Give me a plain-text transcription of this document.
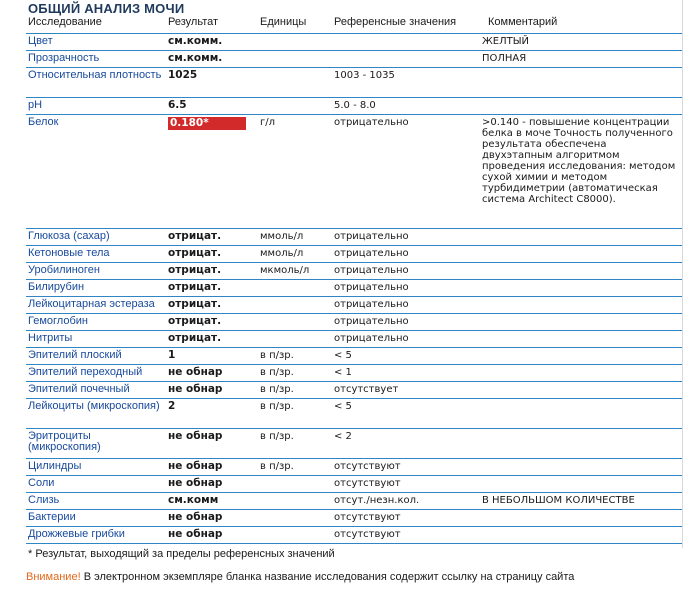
ОБЩИЙ АНАЛИЗ МОЧИ
Исследование	Результат	Единицы	Референсные значения	Комментарий
Цвет	см.комм.			ЖЕЛТЫЙ
Прозрачность	см.комм.			ПОЛНАЯ
Относительная плотность	1025		1003 - 1035	
pH	6.5		5.0 - 8.0	
Белок	0.180*	г/л	отрицательно	>0.140 - повышение концентрации белка в моче Точность полученного результата обеспечена двухэтапным алгоритмом проведения исследования: методом сухой химии и методом турбидиметрии (автоматическая система Architect C8000).
Глюкоза (сахар)	отрицат.	ммоль/л	отрицательно	
Кетоновые тела	отрицат.	ммоль/л	отрицательно	
Уробилиноген	отрицат.	мкмоль/л	отрицательно	
Билирубин	отрицат.		отрицательно	
Лейкоцитарная эстераза	отрицат.		отрицательно	
Гемоглобин	отрицат.		отрицательно	
Нитриты	отрицат.		отрицательно	
Эпителий плоский	1	в п/зр.	< 5	
Эпителий переходный	не обнар	в п/зр.	< 1	
Эпителий почечный	не обнар	в п/зр.	отсутствует	
Лейкоциты (микроскопия)	2	в п/зр.	< 5	
Эритроциты (микроскопия)	не обнар	в п/зр.	< 2	
Цилиндры	не обнар	в п/зр.	отсутствуют	
Соли	не обнар		отсутствуют	
Слизь	см.комм		отсут./незн.кол.	В НЕБОЛЬШОМ КОЛИЧЕСТВЕ
Бактерии	не обнар		отсутствуют	
Дрожжевые грибки	не обнар		отсутствуют	
* Результат, выходящий за пределы референсных значений
Внимание! В электронном экземпляре бланка название исследования содержит ссылку на страницу сайта
